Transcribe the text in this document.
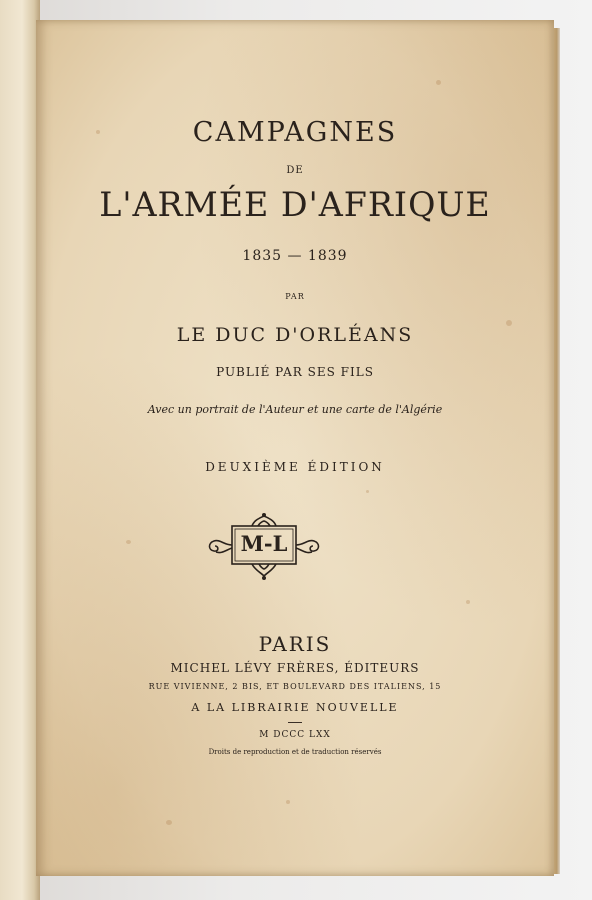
CAMPAGNES
DE
L'ARMÉE D'AFRIQUE
1835 — 1839
PAR
LE DUC D'ORLÉANS
PUBLIÉ PAR SES FILS
Avec un portrait de l'Auteur et une carte de l'Algérie
DEUXIÈME ÉDITION
M-L
PARIS
MICHEL LÉVY FRÈRES, ÉDITEURS
RUE VIVIENNE, 2 BIS, ET BOULEVARD DES ITALIENS, 15
A LA LIBRAIRIE NOUVELLE
M DCCC LXX
Droits de reproduction et de traduction réservés
